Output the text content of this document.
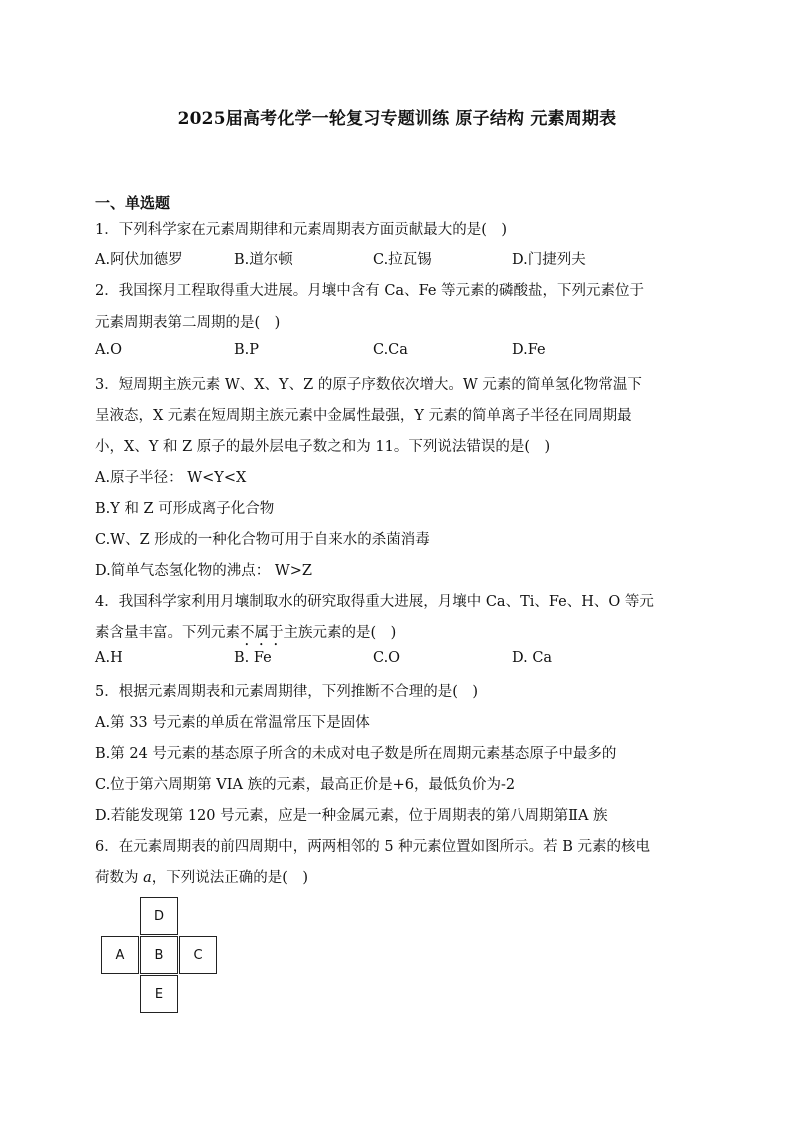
2025届高考化学一轮复习专题训练 原子结构 元素周期表
一、单选题
1．下列科学家在元素周期律和元素周期表方面贡献最大的是(　)
A.阿伏加德罗	B.道尔顿	C.拉瓦锡	D.门捷列夫
2．我国探月工程取得重大进展。月壤中含有 Ca、Fe 等元素的磷酸盐，下列元素位于
元素周期表第二周期的是(　)
A.O	B.P	C.Ca	D.Fe
3．短周期主族元素 W、X、Y、Z 的原子序数依次增大。W 元素的简单氢化物常温下
呈液态，X 元素在短周期主族元素中金属性最强，Y 元素的简单离子半径在同周期最
小，X、Y 和 Z 原子的最外层电子数之和为 11。下列说法错误的是(　)
A.原子半径： W<Y<X
B.Y 和 Z 可形成离子化合物
C.W、Z 形成的一种化合物可用于自来水的杀菌消毒
D.简单气态氢化物的沸点： W>Z
4．我国科学家利用月壤制取水的研究取得重大进展，月壤中 Ca、Ti、Fe、H、O 等元
素含量丰富。下列元素不属于主族元素的是(　)
A.H	B. Fe	C.O	D. Ca
5．根据元素周期表和元素周期律，下列推断不合理的是(　)
A.第 33 号元素的单质在常温常压下是固体
B.第 24 号元素的基态原子所含的未成对电子数是所在周期元素基态原子中最多的
C.位于第六周期第 VIA 族的元素，最高正价是+6，最低负价为-2
D.若能发现第 120 号元素，应是一种金属元素，位于周期表的第八周期第ⅡA 族
6．在元素周期表的前四周期中，两两相邻的 5 种元素位置如图所示。若 B 元素的核电
荷数为 a，下列说法正确的是(　)
D
A	B	C
E
